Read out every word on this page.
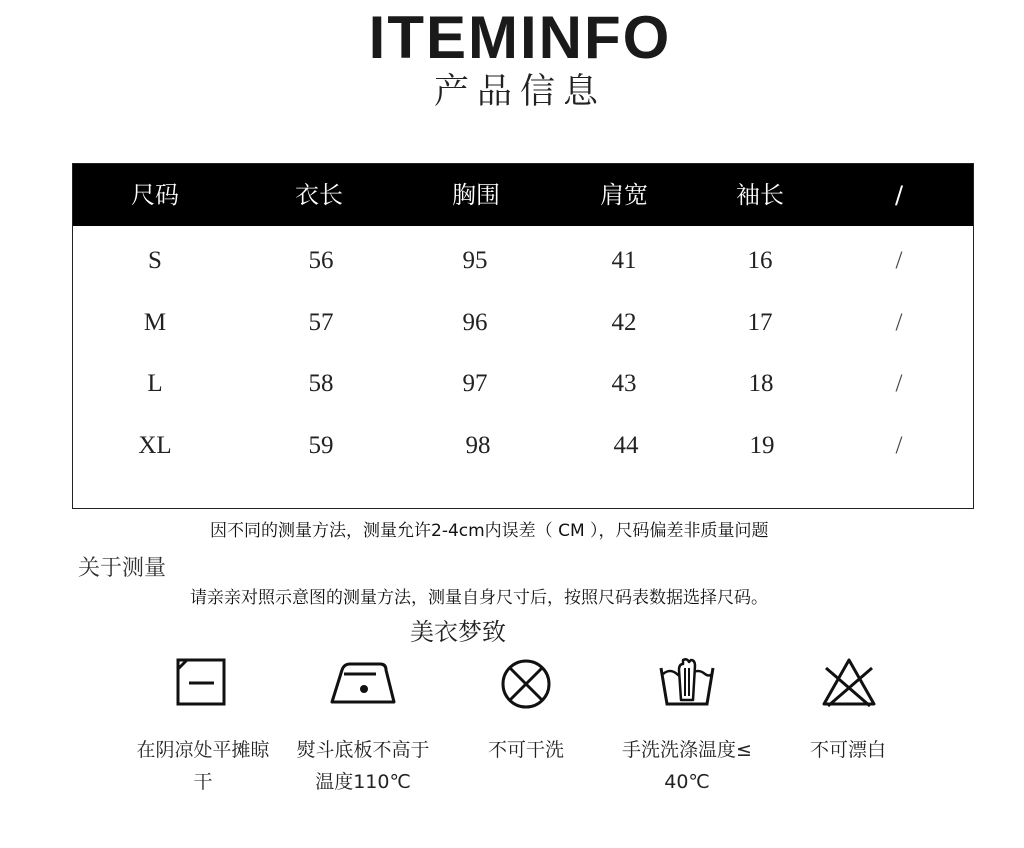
ITEMINFO
产品信息
尺码	衣长	胸围	肩宽	袖长	/
S	56	95	41	16	/
M	57	96	42	17	/
L	58	97	43	18	/
XL	59	98	44	19	/
因不同的测量方法，测量允许2-4cm内误差（ CM ），尺码偏差非质量问题
关于测量
请亲亲对照示意图的测量方法，测量自身尺寸后，按照尺码表数据选择尺码。
美衣梦致
在阴凉处平摊晾
干
熨斗底板不高于
温度110℃
不可干洗	手洗洗涤温度≤
40℃
不可漂白
